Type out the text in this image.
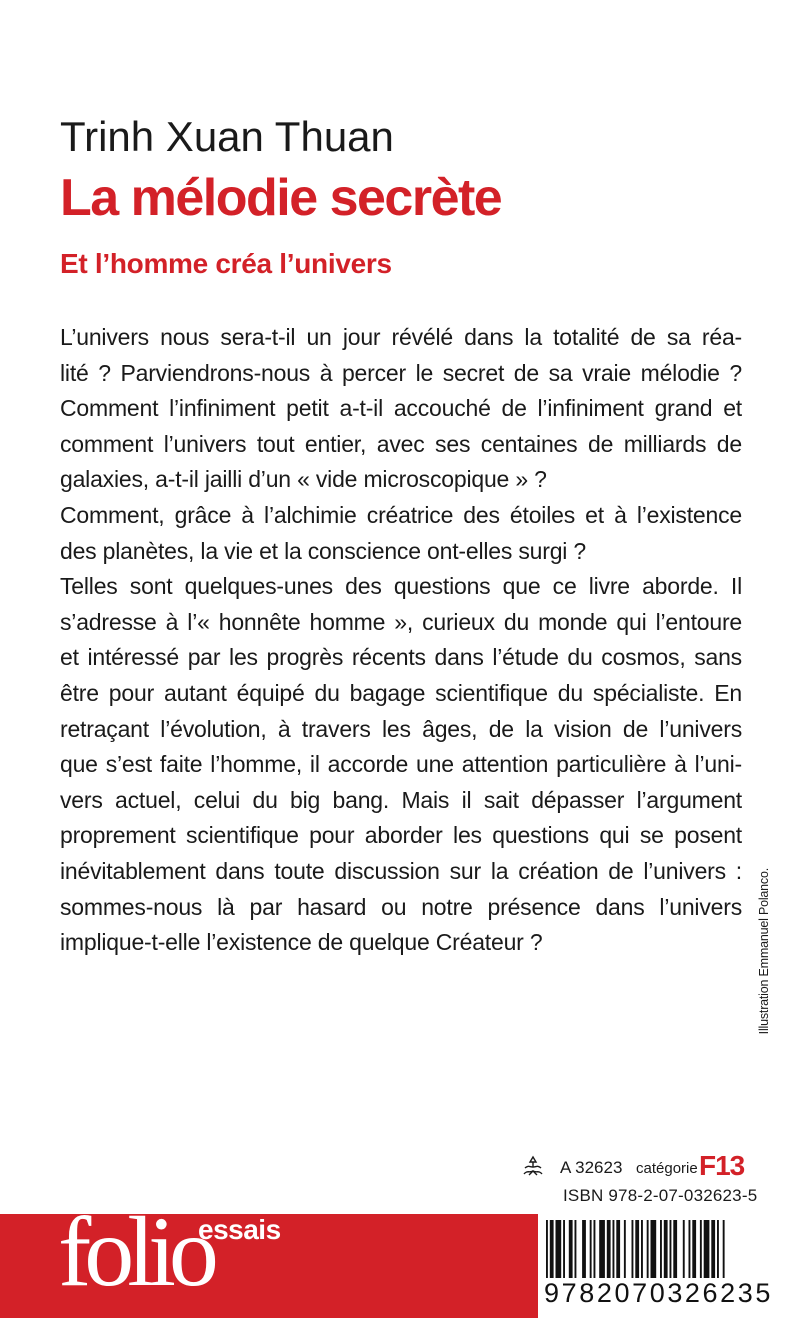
Trinh Xuan Thuan
La mélodie secrète
Et l’homme créa l’univers
L’univers nous sera-t-il un jour révélé dans la totalité de sa réa-
lité ? Parviendrons-nous à percer le secret de sa vraie mélodie ?
Comment l’infiniment petit a-t-il accouché de l’infiniment grand et
comment l’univers tout entier, avec ses centaines de milliards de
galaxies, a-t-il jailli d’un « vide microscopique » ?
Comment, grâce à l’alchimie créatrice des étoiles et à l’existence
des planètes, la vie et la conscience ont-elles surgi ?
Telles sont quelques-unes des questions que ce livre aborde. Il
s’adresse à l’« honnête homme », curieux du monde qui l’entoure
et intéressé par les progrès récents dans l’étude du cosmos, sans
être pour autant équipé du bagage scientifique du spécialiste. En
retraçant l’évolution, à travers les âges, de la vision de l’univers
que s’est faite l’homme, il accorde une attention particulière à l’uni-
vers actuel, celui du big bang. Mais il sait dépasser l’argument
proprement scientifique pour aborder les questions qui se posent
inévitablement dans toute discussion sur la création de l’univers :
sommes-nous là par hasard ou notre présence dans l’univers
implique-t-elle l’existence de quelque Créateur ?	Illustration Emmanuel Polanco.
A 32623 catégorie F13
ISBN 978-2-07-032623-5
folio
essais
9782070326235
